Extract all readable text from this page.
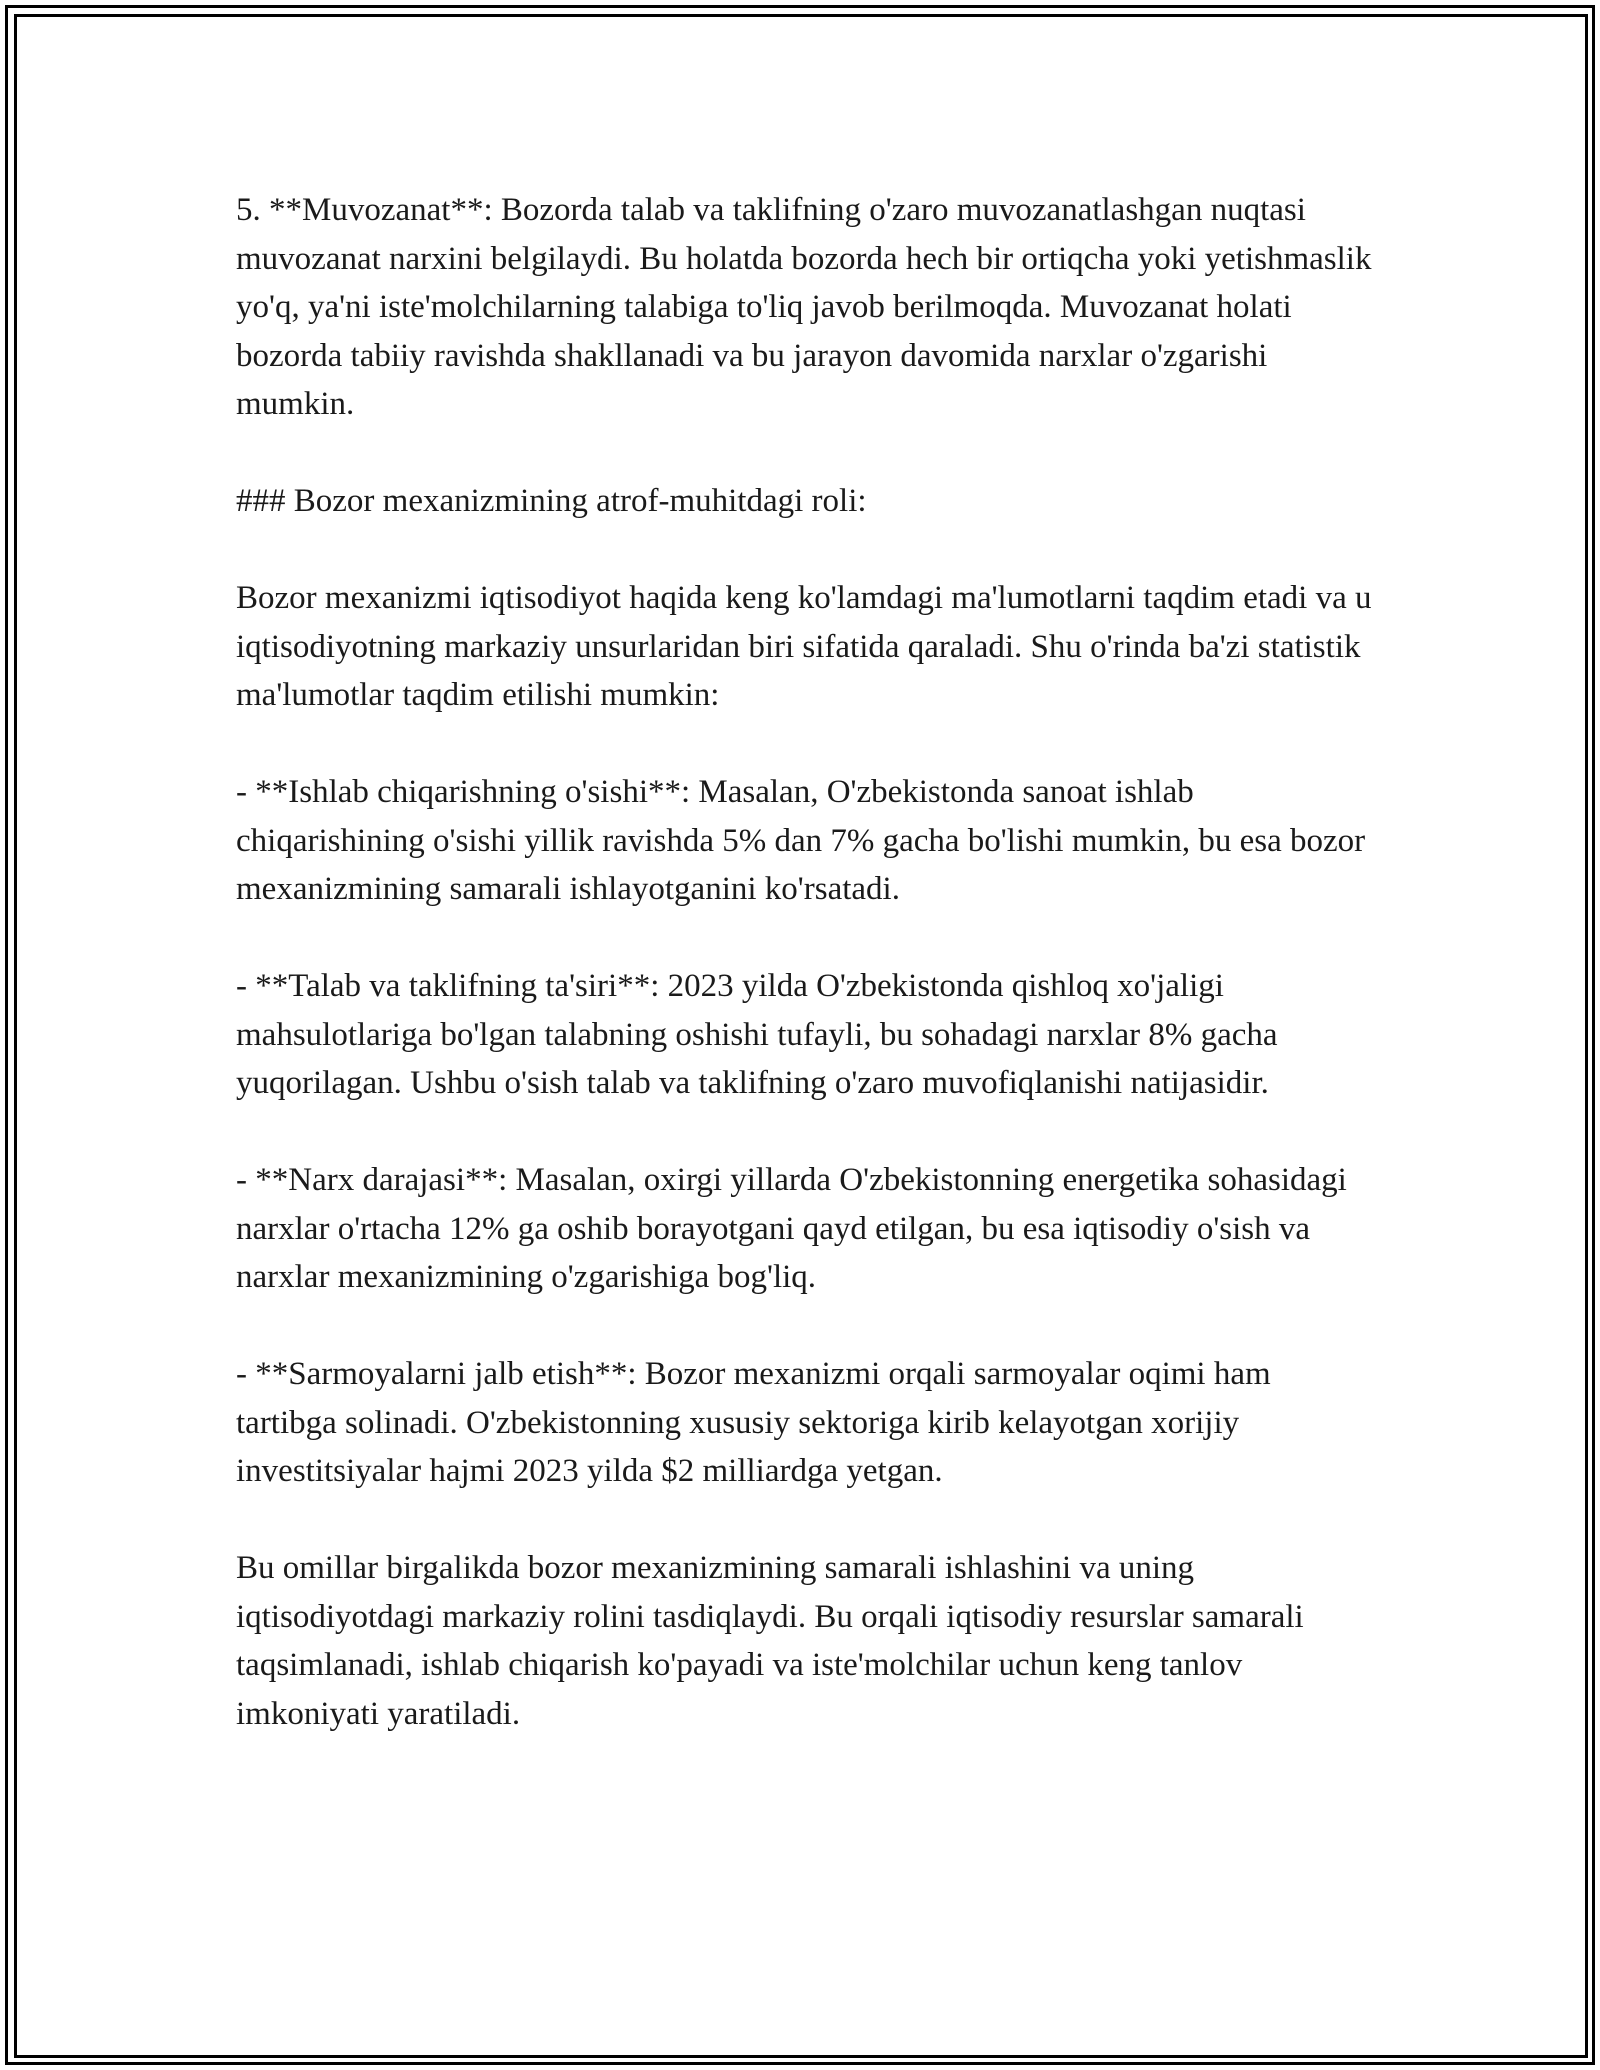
5. **Muvozanat**: Bozorda talab va taklifning o'zaro muvozanatlashgan nuqtasi muvozanat narxini belgilaydi. Bu holatda bozorda hech bir ortiqcha yoki yetishmaslik yo'q, ya'ni iste'molchilarning talabiga to'liq javob berilmoqda. Muvozanat holati bozorda tabiiy ravishda shakllanadi va bu jarayon davomida narxlar o'zgarishi mumkin.

### Bozor mexanizmining atrof-muhitdagi roli:

Bozor mexanizmi iqtisodiyot haqida keng ko'lamdagi ma'lumotlarni taqdim etadi va u iqtisodiyotning markaziy unsurlaridan biri sifatida qaraladi. Shu o'rinda ba'zi statistik ma'lumotlar taqdim etilishi mumkin:

- **Ishlab chiqarishning o'sishi**: Masalan, O'zbekistonda sanoat ishlab chiqarishining o'sishi yillik ravishda 5% dan 7% gacha bo'lishi mumkin, bu esa bozor mexanizmining samarali ishlayotganini ko'rsatadi.

- **Talab va taklifning ta'siri**: 2023 yilda O'zbekistonda qishloq xo'jaligi mahsulotlariga bo'lgan talabning oshishi tufayli, bu sohadagi narxlar 8% gacha yuqorilagan. Ushbu o'sish talab va taklifning o'zaro muvofiqlanishi natijasidir.

- **Narx darajasi**: Masalan, oxirgi yillarda O'zbekistonning energetika sohasidagi narxlar o'rtacha 12% ga oshib borayotgani qayd etilgan, bu esa iqtisodiy o'sish va narxlar mexanizmining o'zgarishiga bog'liq.

- **Sarmoyalarni jalb etish**: Bozor mexanizmi orqali sarmoyalar oqimi ham tartibga solinadi. O'zbekistonning xususiy sektoriga kirib kelayotgan xorijiy investitsiyalar hajmi 2023 yilda $2 milliardga yetgan.

Bu omillar birgalikda bozor mexanizmining samarali ishlashini va uning iqtisodiyotdagi markaziy rolini tasdiqlaydi. Bu orqali iqtisodiy resurslar samarali taqsimlanadi, ishlab chiqarish ko'payadi va iste'molchilar uchun keng tanlov imkoniyati yaratiladi.
